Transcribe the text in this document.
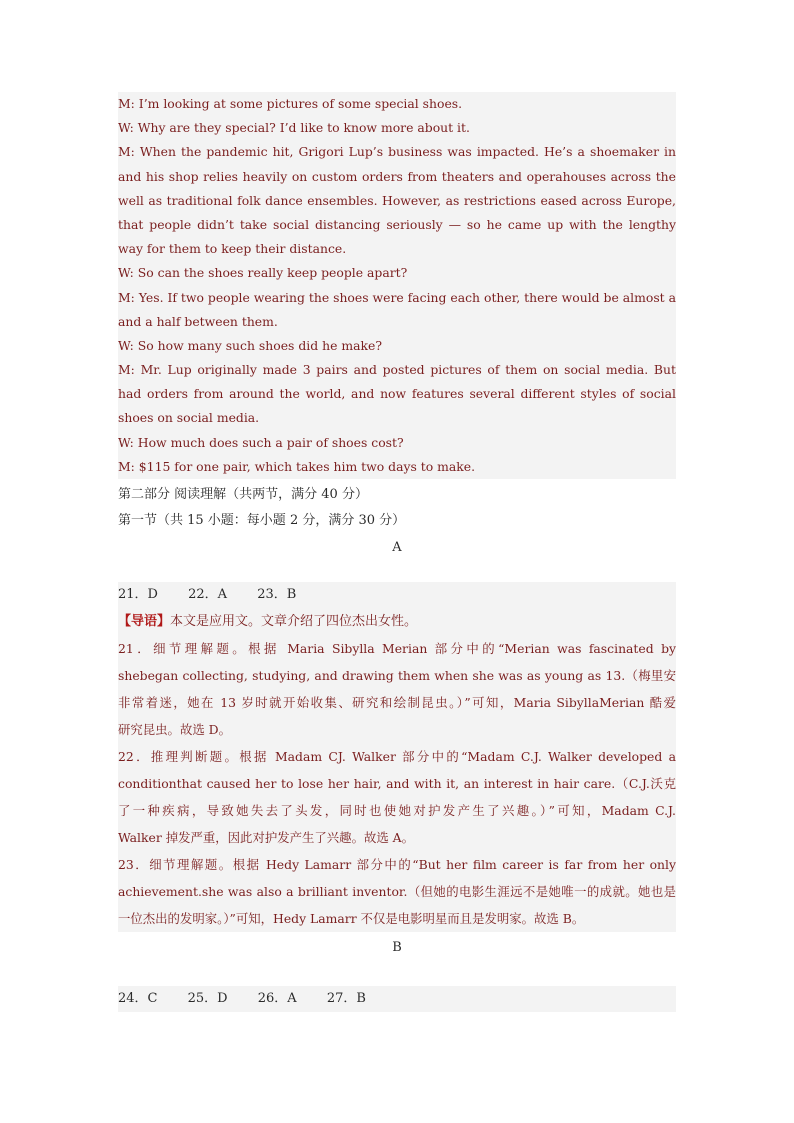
M: I’m looking at some pictures of some special shoes.
W: Why are they special? I’d like to know more about it.
M: When the pandemic hit, Grigori Lup’s business was impacted. He’s a shoemaker in
and his shop relies heavily on custom orders from theaters and operahouses across the
well as traditional folk dance ensembles. However, as restrictions eased across Europe,
that people didn’t take social distancing seriously — so he came up with the lengthy
way for them to keep their distance.
W: So can the shoes really keep people apart?
M: Yes. If two people wearing the shoes were facing each other, there would be almost a
and a half between them.
W: So how many such shoes did he make?
M: Mr. Lup originally made 3 pairs and posted pictures of them on social media. But
had orders from around the world, and now features several different styles of social
shoes on social media.
W: How much does such a pair of shoes cost?
M: $115 for one pair, which takes him two days to make.
第二部分 阅读理解（共两节，满分 40 分）
第一节（共 15 小题：每小题 2 分，满分 30 分）
A
21．D 22．A 23．B
【导语】本文是应用文。文章介绍了四位杰出女性。
21．细节理解题。根据 Maria Sibylla Merian 部分中的“Merian was fascinated by
shebegan collecting, studying, and drawing them when she was as young as 13.（梅里安
非常着迷，她在 13 岁时就开始收集、研究和绘制昆虫。）”可知，Maria SibyllaMerian 酷爱
研究昆虫。故选 D。
22．推理判断题。根据 Madam CJ. Walker 部分中的“Madam C.J. Walker developed a
conditionthat caused her to lose her hair, and with it, an interest in hair care.（C.J.沃克
了一种疾病，导致她失去了头发，同时也使她对护发产生了兴趣。）”可知，Madam C.J.
Walker 掉发严重，因此对护发产生了兴趣。故选 A。
23．细节理解题。根据 Hedy Lamarr 部分中的“But her film career is far from her only
achievement.she was also a brilliant inventor.（但她的电影生涯远不是她唯一的成就。她也是
一位杰出的发明家。）”可知，Hedy Lamarr 不仅是电影明星而且是发明家。故选 B。
B
24．C 25．D 26．A 27．B
